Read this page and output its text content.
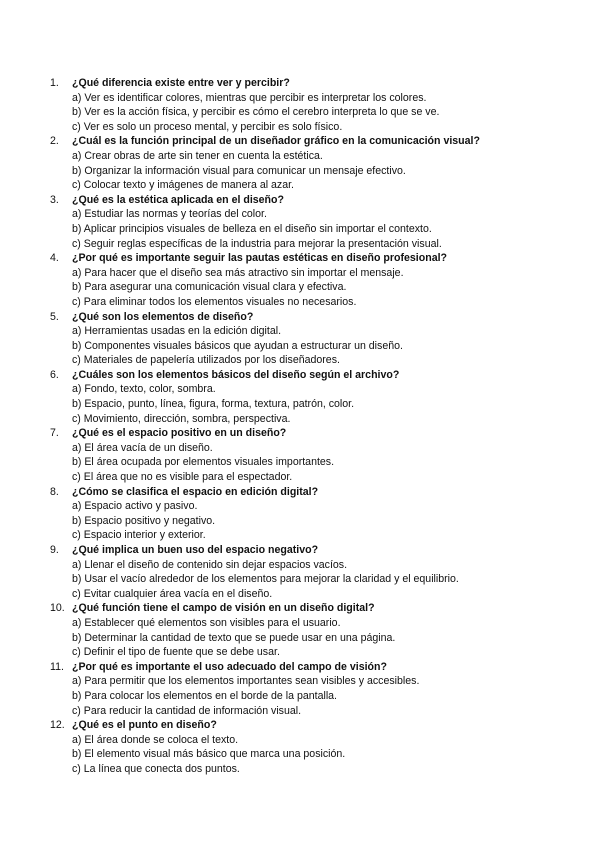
1.	¿Qué diferencia existe entre ver y percibir?
a) Ver es identificar colores, mientras que percibir es interpretar los colores.
b) Ver es la acción física, y percibir es cómo el cerebro interpreta lo que se ve.
c) Ver es solo un proceso mental, y percibir es solo físico.
2.	¿Cuál es la función principal de un diseñador gráfico en la comunicación visual?
a) Crear obras de arte sin tener en cuenta la estética.
b) Organizar la información visual para comunicar un mensaje efectivo.
c) Colocar texto y imágenes de manera al azar.
3.	¿Qué es la estética aplicada en el diseño?
a) Estudiar las normas y teorías del color.
b) Aplicar principios visuales de belleza en el diseño sin importar el contexto.
c) Seguir reglas específicas de la industria para mejorar la presentación visual.
4.	¿Por qué es importante seguir las pautas estéticas en diseño profesional?
a) Para hacer que el diseño sea más atractivo sin importar el mensaje.
b) Para asegurar una comunicación visual clara y efectiva.
c) Para eliminar todos los elementos visuales no necesarios.
5.	¿Qué son los elementos de diseño?
a) Herramientas usadas en la edición digital.
b) Componentes visuales básicos que ayudan a estructurar un diseño.
c) Materiales de papelería utilizados por los diseñadores.
6.	¿Cuáles son los elementos básicos del diseño según el archivo?
a) Fondo, texto, color, sombra.
b) Espacio, punto, línea, figura, forma, textura, patrón, color.
c) Movimiento, dirección, sombra, perspectiva.
7.	¿Qué es el espacio positivo en un diseño?
a) El área vacía de un diseño.
b) El área ocupada por elementos visuales importantes.
c) El área que no es visible para el espectador.
8.	¿Cómo se clasifica el espacio en edición digital?
a) Espacio activo y pasivo.
b) Espacio positivo y negativo.
c) Espacio interior y exterior.
9.	¿Qué implica un buen uso del espacio negativo?
a) Llenar el diseño de contenido sin dejar espacios vacíos.
b) Usar el vacío alrededor de los elementos para mejorar la claridad y el equilibrio.
c) Evitar cualquier área vacía en el diseño.
10. ¿Qué función tiene el campo de visión en un diseño digital?
a) Establecer qué elementos son visibles para el usuario.
b) Determinar la cantidad de texto que se puede usar en una página.
c) Definir el tipo de fuente que se debe usar.
11. ¿Por qué es importante el uso adecuado del campo de visión?
a) Para permitir que los elementos importantes sean visibles y accesibles.
b) Para colocar los elementos en el borde de la pantalla.
c) Para reducir la cantidad de información visual.
12. ¿Qué es el punto en diseño?
a) El área donde se coloca el texto.
b) El elemento visual más básico que marca una posición.
c) La línea que conecta dos puntos.
